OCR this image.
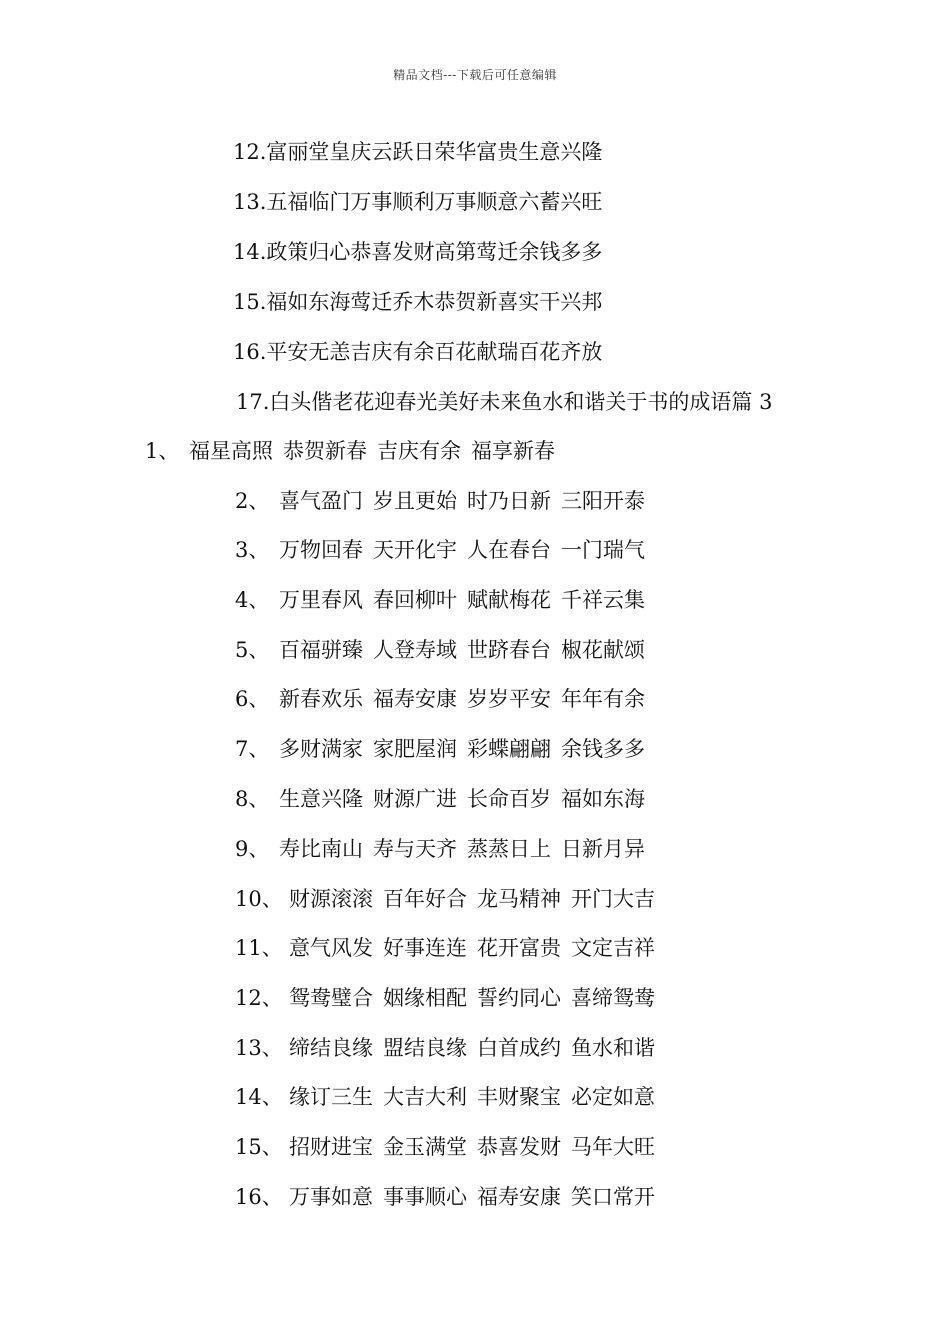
精品文档---下载后可任意编辑
12.富丽堂皇庆云跃日荣华富贵生意兴隆
13.五福临门万事顺利万事顺意六蓄兴旺
14.政策归心恭喜发财高第莺迁余钱多多
15.福如东海莺迁乔木恭贺新喜实干兴邦
16.平安无恙吉庆有余百花献瑞百花齐放
17.白头偕老花迎春光美好未来鱼水和谐关于书的成语篇 3
1、 福星高照 恭贺新春 吉庆有余 福享新春
2、 喜气盈门 岁且更始 时乃日新 三阳开泰
3、 万物回春 天开化宇 人在春台 一门瑞气
4、 万里春风 春回柳叶 赋献梅花 千祥云集
5、 百福骈臻 人登寿域 世跻春台 椒花献颂
6、 新春欢乐 福寿安康 岁岁平安 年年有余
7、 多财满家 家肥屋润 彩蝶翩翩 余钱多多
8、 生意兴隆 财源广进 长命百岁 福如东海
9、 寿比南山 寿与天齐 蒸蒸日上 日新月异
10、 财源滚滚 百年好合 龙马精神 开门大吉
11、 意气风发 好事连连 花开富贵 文定吉祥
12、 鸳鸯璧合 姻缘相配 誓约同心 喜缔鸳鸯
13、 缔结良缘 盟结良缘 白首成约 鱼水和谐
14、 缘订三生 大吉大利 丰财聚宝 必定如意
15、 招财进宝 金玉满堂 恭喜发财 马年大旺
16、 万事如意 事事顺心 福寿安康 笑口常开
